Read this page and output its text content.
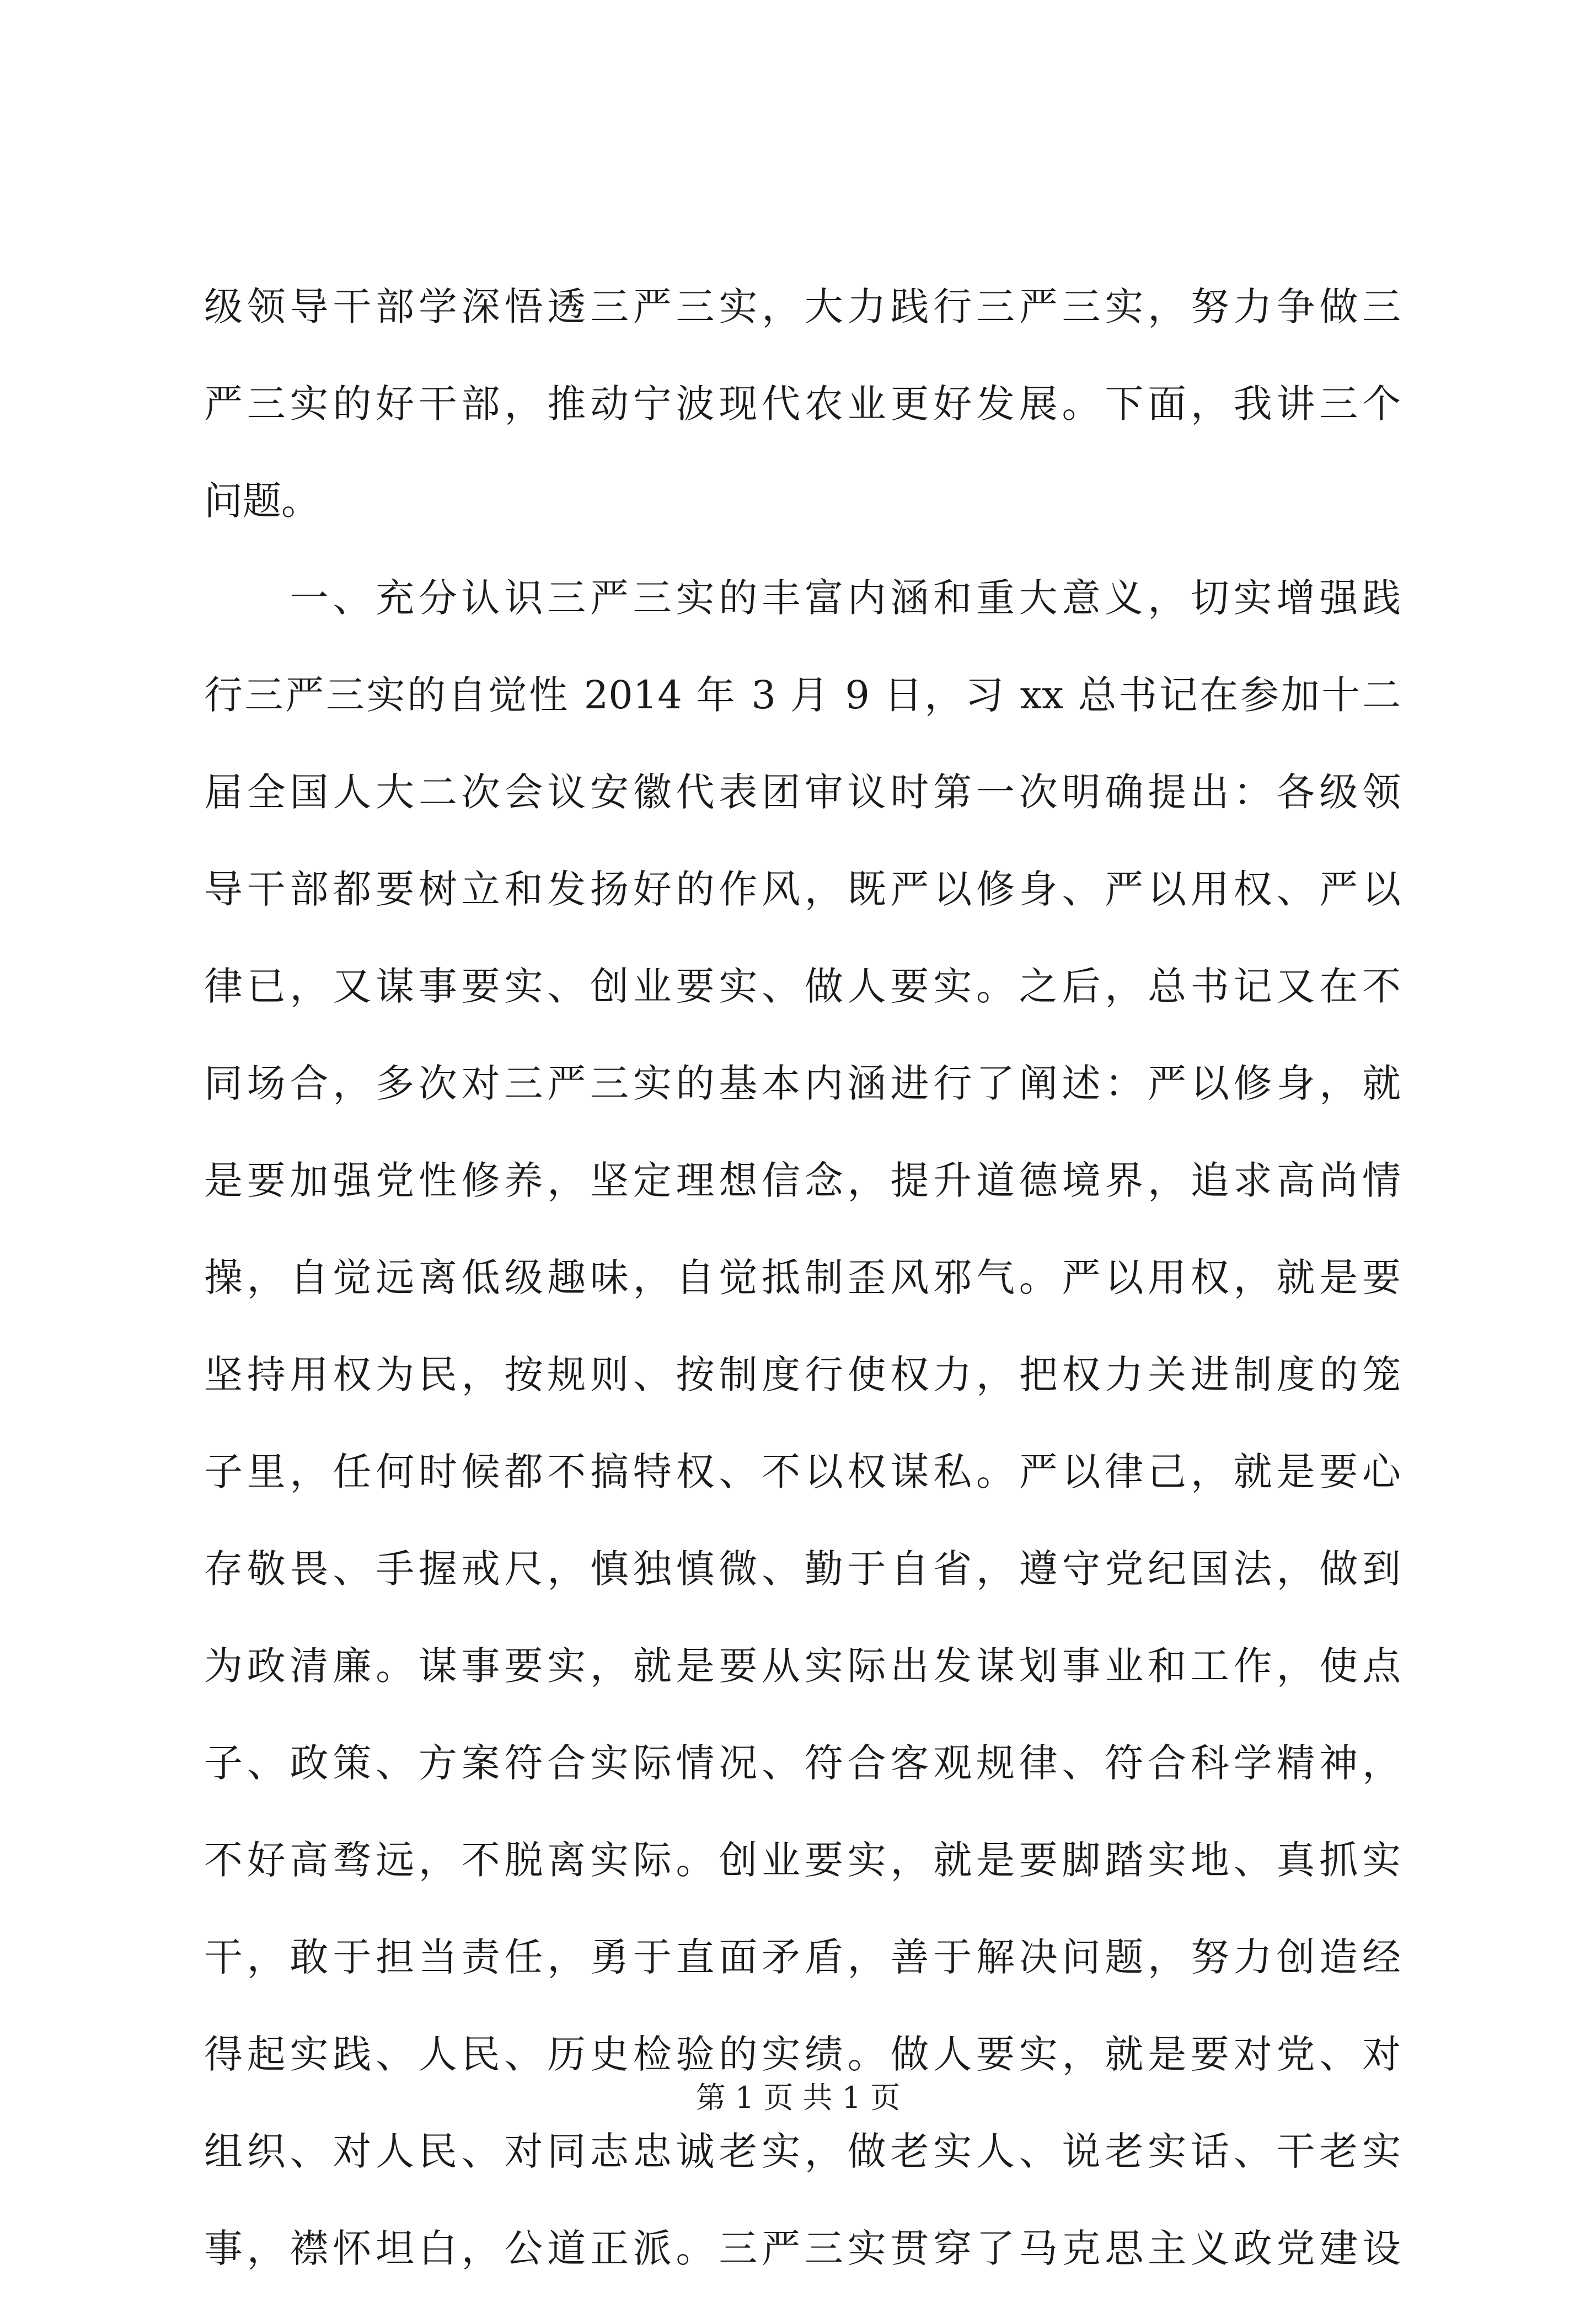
级领导干部学深悟透三严三实，大力践行三严三实，努力争做三
严三实的好干部，推动宁波现代农业更好发展。下面，我讲三个
问题。

　　一、充分认识三严三实的丰富内涵和重大意义，切实增强践
行三严三实的自觉性 2014 年 3 月 9 日，习 xx 总书记在参加十二
届全国人大二次会议安徽代表团审议时第一次明确提出：各级领
导干部都要树立和发扬好的作风，既严以修身、严以用权、严以
律已，又谋事要实、创业要实、做人要实。之后，总书记又在不
同场合，多次对三严三实的基本内涵进行了阐述：严以修身，就
是要加强党性修养，坚定理想信念，提升道德境界，追求高尚情
操，自觉远离低级趣味，自觉抵制歪风邪气。严以用权，就是要
坚持用权为民，按规则、按制度行使权力，把权力关进制度的笼
子里，任何时候都不搞特权、不以权谋私。严以律己，就是要心
存敬畏、手握戒尺，慎独慎微、勤于自省，遵守党纪国法，做到
为政清廉。谋事要实，就是要从实际出发谋划事业和工作，使点
子、政策、方案符合实际情况、符合客观规律、符合科学精神，
不好高骛远，不脱离实际。创业要实，就是要脚踏实地、真抓实
干，敢于担当责任，勇于直面矛盾，善于解决问题，努力创造经
得起实践、人民、历史检验的实绩。做人要实，就是要对党、对
组织、对人民、对同志忠诚老实，做老实人、说老实话、干老实
事，襟怀坦白，公道正派。三严三实贯穿了马克思主义政党建设

第 1 页 共 1 页
